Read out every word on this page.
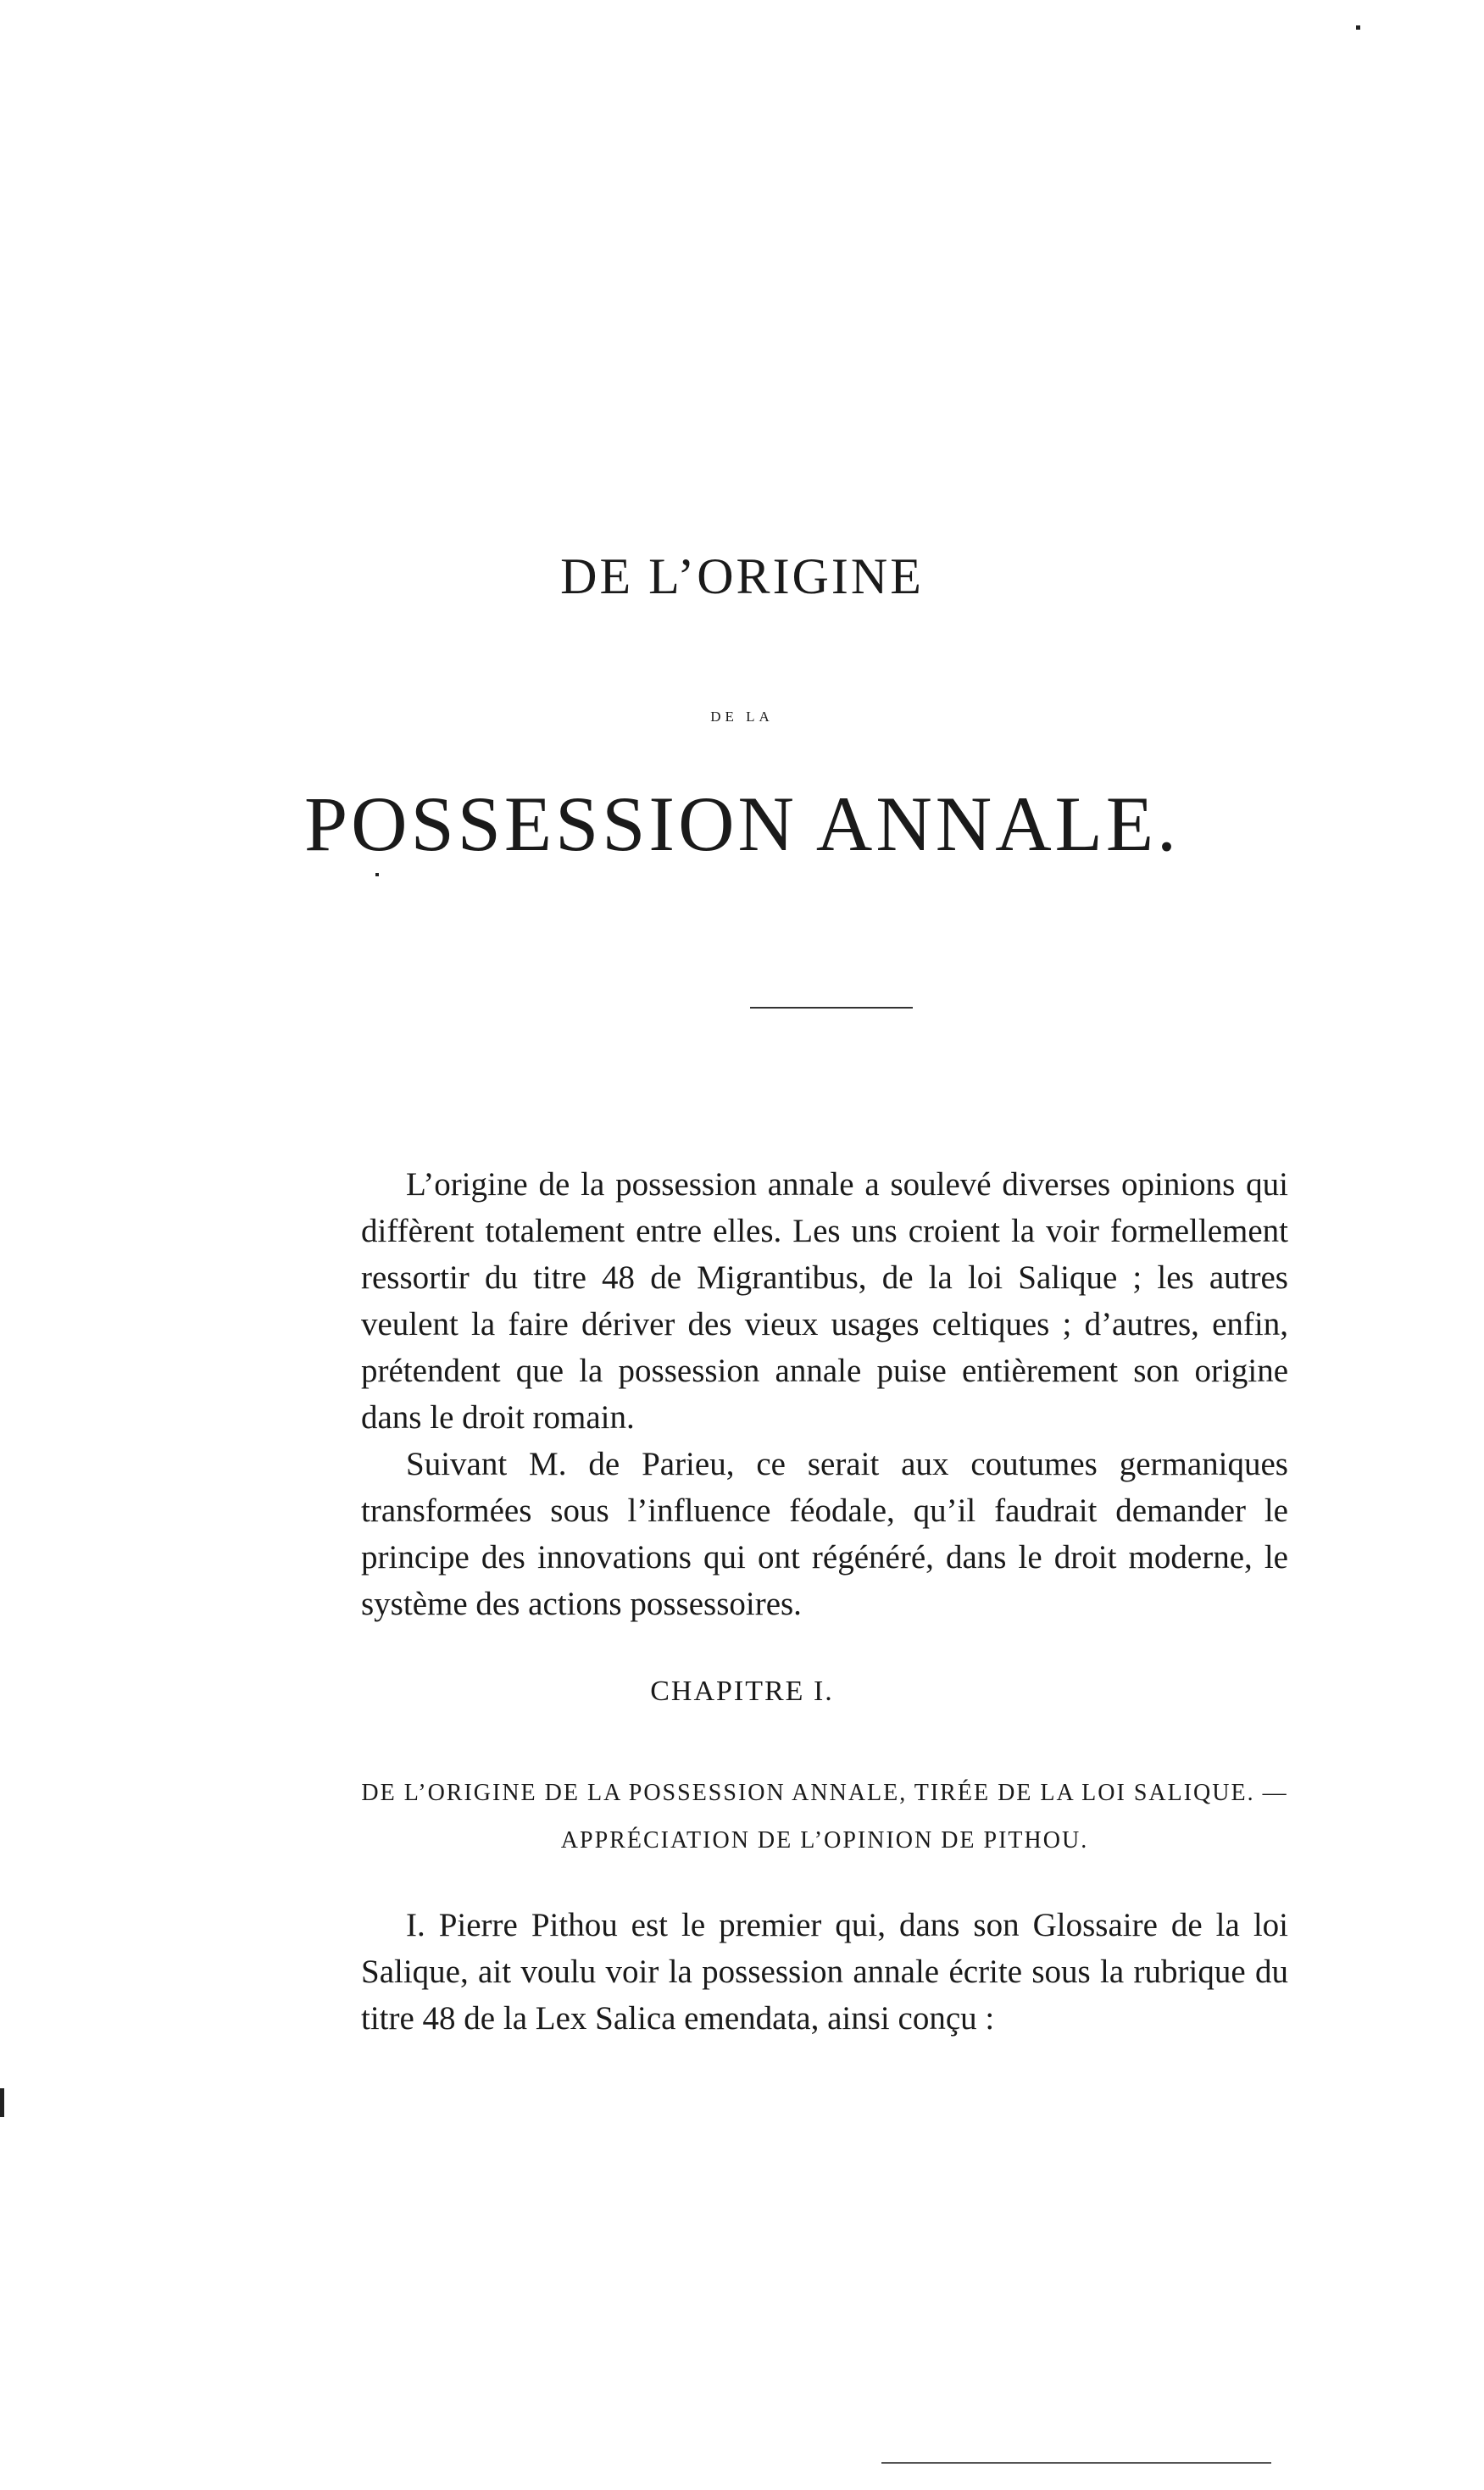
DE L’ORIGINE
DE LA
POSSESSION ANNALE.

L’origine de la possession annale a soulevé diverses opinions qui diffèrent totalement entre elles. Les uns croient la voir formellement ressortir du titre 48 de Migrantibus, de la loi Salique ; les autres veulent la faire dériver des vieux usages celtiques ; d’autres, enfin, prétendent que la possession annale puise entièrement son origine dans le droit romain.

Suivant M. de Parieu, ce serait aux coutumes germaniques transformées sous l’influence féodale, qu’il faudrait demander le principe des innovations qui ont régénéré, dans le droit moderne, le système des actions possessoires.

CHAPITRE I.
DE L’ORIGINE DE LA POSSESSION ANNALE, TIRÉE DE LA LOI SALIQUE. — APPRÉCIATION DE L’OPINION DE PITHOU.

I. Pierre Pithou est le premier qui, dans son Glossaire de la loi Salique, ait voulu voir la possession annale écrite sous la rubrique du titre 48 de la Lex Salica emendata, ainsi conçu :
